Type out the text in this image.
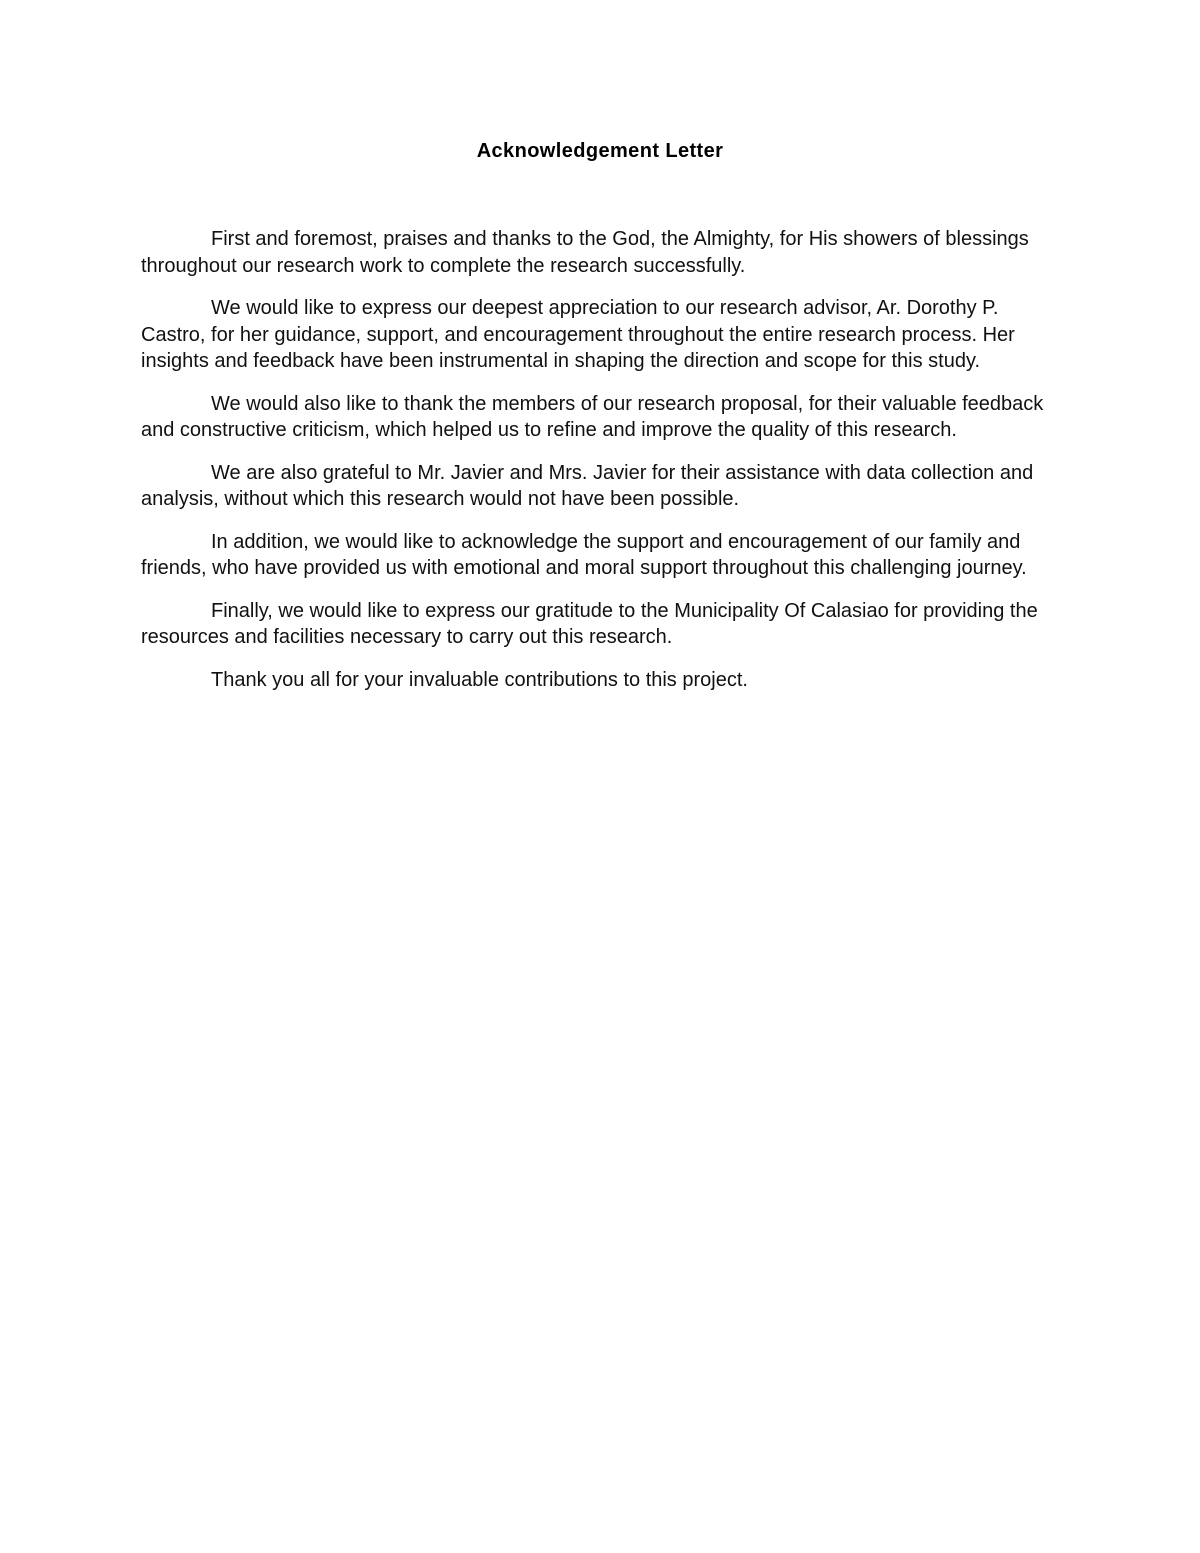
Acknowledgement Letter

First and foremost, praises and thanks to the God, the Almighty, for His showers of blessings throughout our research work to complete the research successfully.

We would like to express our deepest appreciation to our research advisor, Ar. Dorothy P. Castro, for her guidance, support, and encouragement throughout the entire research process. Her insights and feedback have been instrumental in shaping the direction and scope for this study.

We would also like to thank the members of our research proposal, for their valuable feedback and constructive criticism, which helped us to refine and improve the quality of this research.

We are also grateful to Mr. Javier and Mrs. Javier for their assistance with data collection and analysis, without which this research would not have been possible.

In addition, we would like to acknowledge the support and encouragement of our family and friends, who have provided us with emotional and moral support throughout this challenging journey.

Finally, we would like to express our gratitude to the Municipality Of Calasiao for providing the resources and facilities necessary to carry out this research.

Thank you all for your invaluable contributions to this project.
